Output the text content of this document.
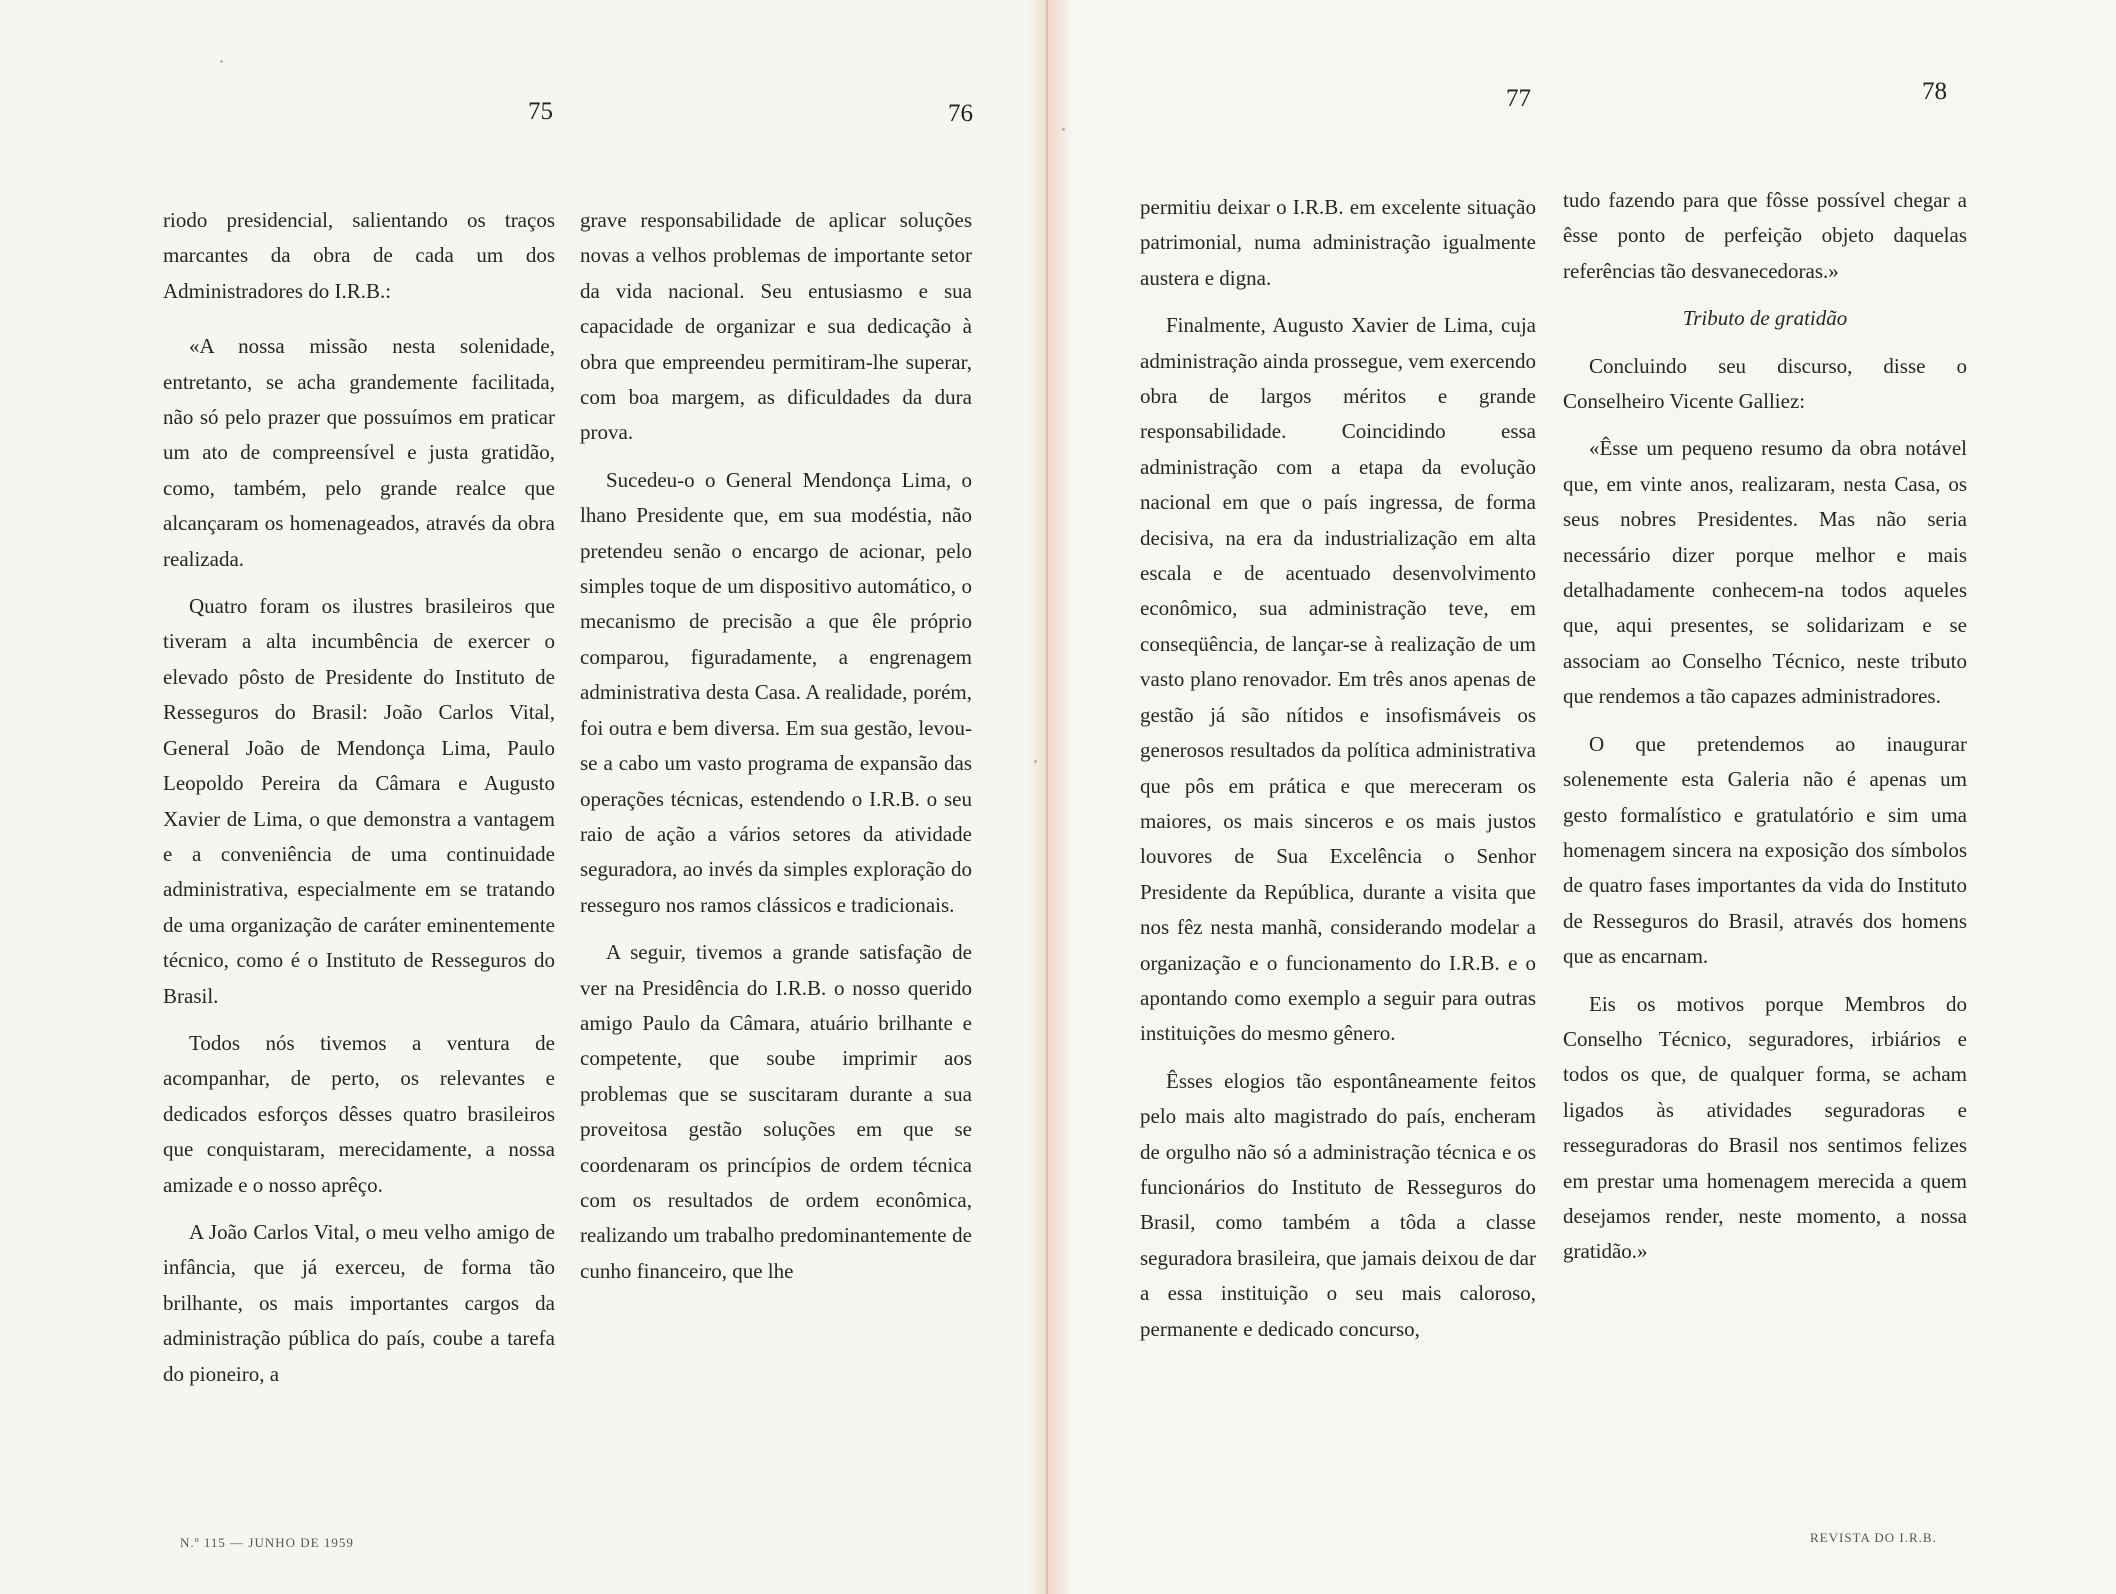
75

riodo presidencial, salientando os traços marcantes da obra de cada um dos Administradores do I.R.B.:

«A nossa missão nesta solenidade, entretanto, se acha grandemente facilitada, não só pelo prazer que possuímos em praticar um ato de compreensível e justa gratidão, como, também, pelo grande realce que alcançaram os homenageados, através da obra realizada.

Quatro foram os ilustres brasileiros que tiveram a alta incumbência de exercer o elevado pôsto de Presidente do Instituto de Resseguros do Brasil: João Carlos Vital, General João de Mendonça Lima, Paulo Leopoldo Pereira da Câmara e Augusto Xavier de Lima, o que demonstra a vantagem e a conveniência de uma continuidade administrativa, especialmente em se tratando de uma organização de caráter eminentemente técnico, como é o Instituto de Resseguros do Brasil.

Todos nós tivemos a ventura de acompanhar, de perto, os relevantes e dedicados esforços dêsses quatro brasileiros que conquistaram, merecidamente, a nossa amizade e o nosso aprêço.

A João Carlos Vital, o meu velho amigo de infância, que já exerceu, de forma tão brilhante, os mais importantes cargos da administração pública do país, coube a tarefa do pioneiro, a

N.º 115 — JUNHO DE 1959
76

grave responsabilidade de aplicar soluções novas a velhos problemas de importante setor da vida nacional. Seu entusiasmo e sua capacidade de organizar e sua dedicação à obra que empreendeu permitiram-lhe superar, com boa margem, as dificuldades da dura prova.

Sucedeu-o o General Mendonça Lima, o lhano Presidente que, em sua modéstia, não pretendeu senão o encargo de acionar, pelo simples toque de um dispositivo automático, o mecanismo de precisão a que êle próprio comparou, figuradamente, a engrenagem administrativa desta Casa. A realidade, porém, foi outra e bem diversa. Em sua gestão, levou-se a cabo um vasto programa de expansão das operações técnicas, estendendo o I.R.B. o seu raio de ação a vários setores da atividade seguradora, ao invés da simples exploração do resseguro nos ramos clássicos e tradicionais.

A seguir, tivemos a grande satisfação de ver na Presidência do I.R.B. o nosso querido amigo Paulo da Câmara, atuário brilhante e competente, que soube imprimir aos problemas que se suscitaram durante a sua proveitosa gestão soluções em que se coordenaram os princípios de ordem técnica com os resultados de ordem econômica, realizando um trabalho predominantemente de cunho financeiro, que lhe

77

permitiu deixar o I.R.B. em excelente situação patrimonial, numa administração igualmente austera e digna.

Finalmente, Augusto Xavier de Lima, cuja administração ainda prossegue, vem exercendo obra de largos méritos e grande responsabilidade. Coincidindo essa administração com a etapa da evolução nacional em que o país ingressa, de forma decisiva, na era da industrialização em alta escala e de acentuado desenvolvimento econômico, sua administração teve, em conseqüência, de lançar-se à realização de um vasto plano renovador. Em três anos apenas de gestão já são nítidos e insofismáveis os generosos resultados da política administrativa que pôs em prática e que mereceram os maiores, os mais sinceros e os mais justos louvores de Sua Excelência o Senhor Presidente da República, durante a visita que nos fêz nesta manhã, considerando modelar a organização e o funcionamento do I.R.B. e o apontando como exemplo a seguir para outras instituições do mesmo gênero.

Êsses elogios tão espontâneamente feitos pelo mais alto magistrado do país, encheram de orgulho não só a administração técnica e os funcionários do Instituto de Resseguros do Brasil, como também a tôda a classe seguradora brasileira, que jamais deixou de dar a essa instituição o seu mais caloroso, permanente e dedicado concurso,

78

tudo fazendo para que fôsse possível chegar a êsse ponto de perfeição objeto daquelas referências tão desvanecedoras.»

Tributo de gratidão

Concluindo seu discurso, disse o Conselheiro Vicente Galliez:

«Êsse um pequeno resumo da obra notável que, em vinte anos, realizaram, nesta Casa, os seus nobres Presidentes. Mas não seria necessário dizer porque melhor e mais detalhadamente conhecem-na todos aqueles que, aqui presentes, se solidarizam e se associam ao Conselho Técnico, neste tributo que rendemos a tão capazes administradores.

O que pretendemos ao inaugurar solenemente esta Galeria não é apenas um gesto formalístico e gratulatório e sim uma homenagem sincera na exposição dos símbolos de quatro fases importantes da vida do Instituto de Resseguros do Brasil, através dos homens que as encarnam.

Eis os motivos porque Membros do Conselho Técnico, seguradores, irbiários e todos os que, de qualquer forma, se acham ligados às atividades seguradoras e resseguradoras do Brasil nos sentimos felizes em prestar uma homenagem merecida a quem desejamos render, neste momento, a nossa gratidão.»

REVISTA DO I.R.B.
